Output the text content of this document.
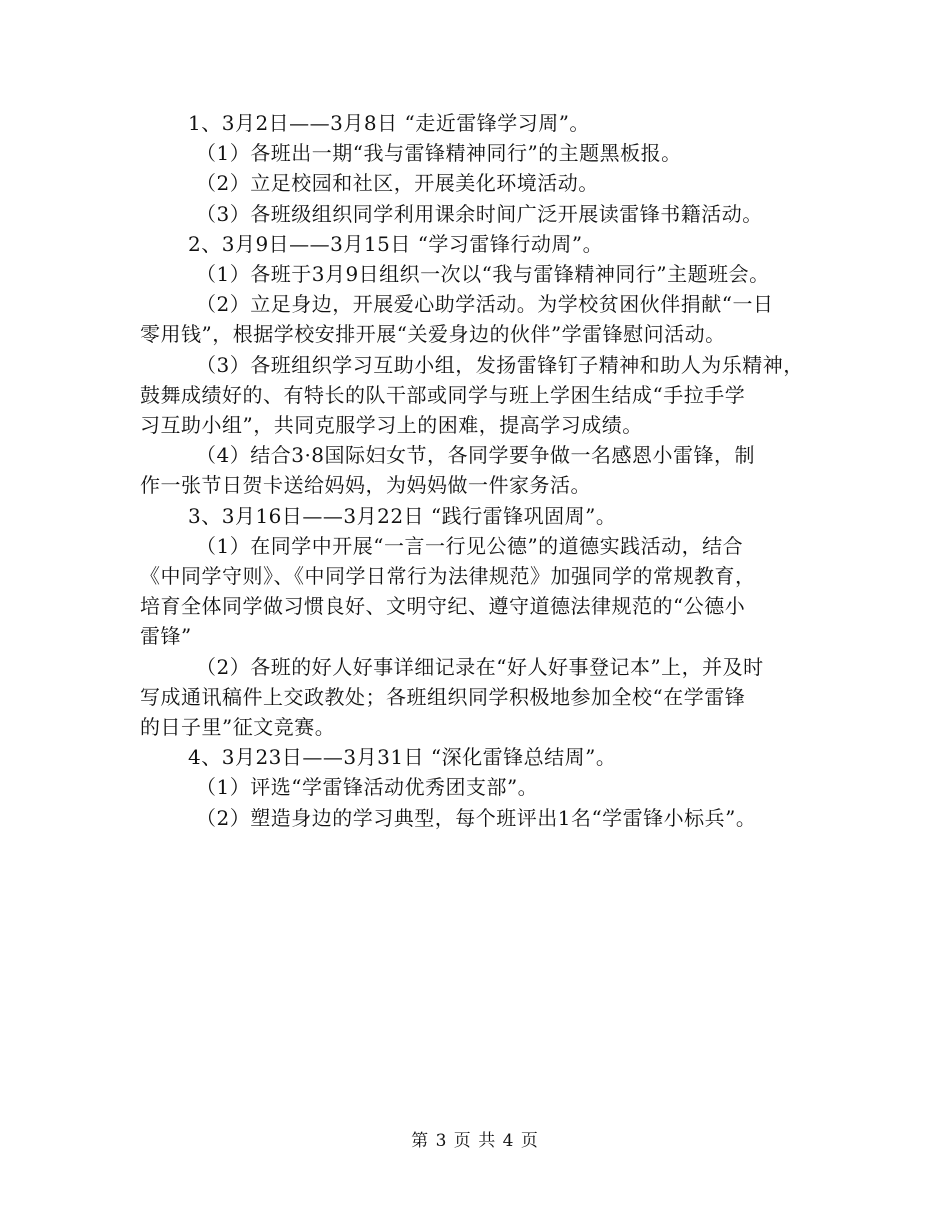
1、3月2日——3月8日 “走近雷锋学习周”。
（1）各班出一期“我与雷锋精神同行”的主题黑板报。
（2）立足校园和社区，开展美化环境活动。
（3）各班级组织同学利用课余时间广泛开展读雷锋书籍活动。
2、3月9日——3月15日 “学习雷锋行动周”。
（1）各班于3月9日组织一次以“我与雷锋精神同行”主题班会。
（2）立足身边，开展爱心助学活动。为学校贫困伙伴捐献“一日
零用钱”，根据学校安排开展“关爱身边的伙伴”学雷锋慰问活动。
（3）各班组织学习互助小组，发扬雷锋钉子精神和助人为乐精神，
鼓舞成绩好的、有特长的队干部或同学与班上学困生结成“手拉手学
习互助小组”，共同克服学习上的困难，提高学习成绩。
（4）结合3·8国际妇女节，各同学要争做一名感恩小雷锋，制
作一张节日贺卡送给妈妈，为妈妈做一件家务活。
3、3月16日——3月22日 “践行雷锋巩固周”。
（1）在同学中开展“一言一行见公德”的道德实践活动，结合
《中同学守则》、《中同学日常行为法律规范》加强同学的常规教育，
培育全体同学做习惯良好、文明守纪、遵守道德法律规范的“公德小
雷锋”
（2）各班的好人好事详细记录在“好人好事登记本”上，并及时
写成通讯稿件上交政教处；各班组织同学积极地参加全校“在学雷锋
的日子里”征文竞赛。
4、3月23日——3月31日 “深化雷锋总结周”。
（1）评选“学雷锋活动优秀团支部”。
（2）塑造身边的学习典型，每个班评出1名“学雷锋小标兵”。
第 3 页 共 4 页
